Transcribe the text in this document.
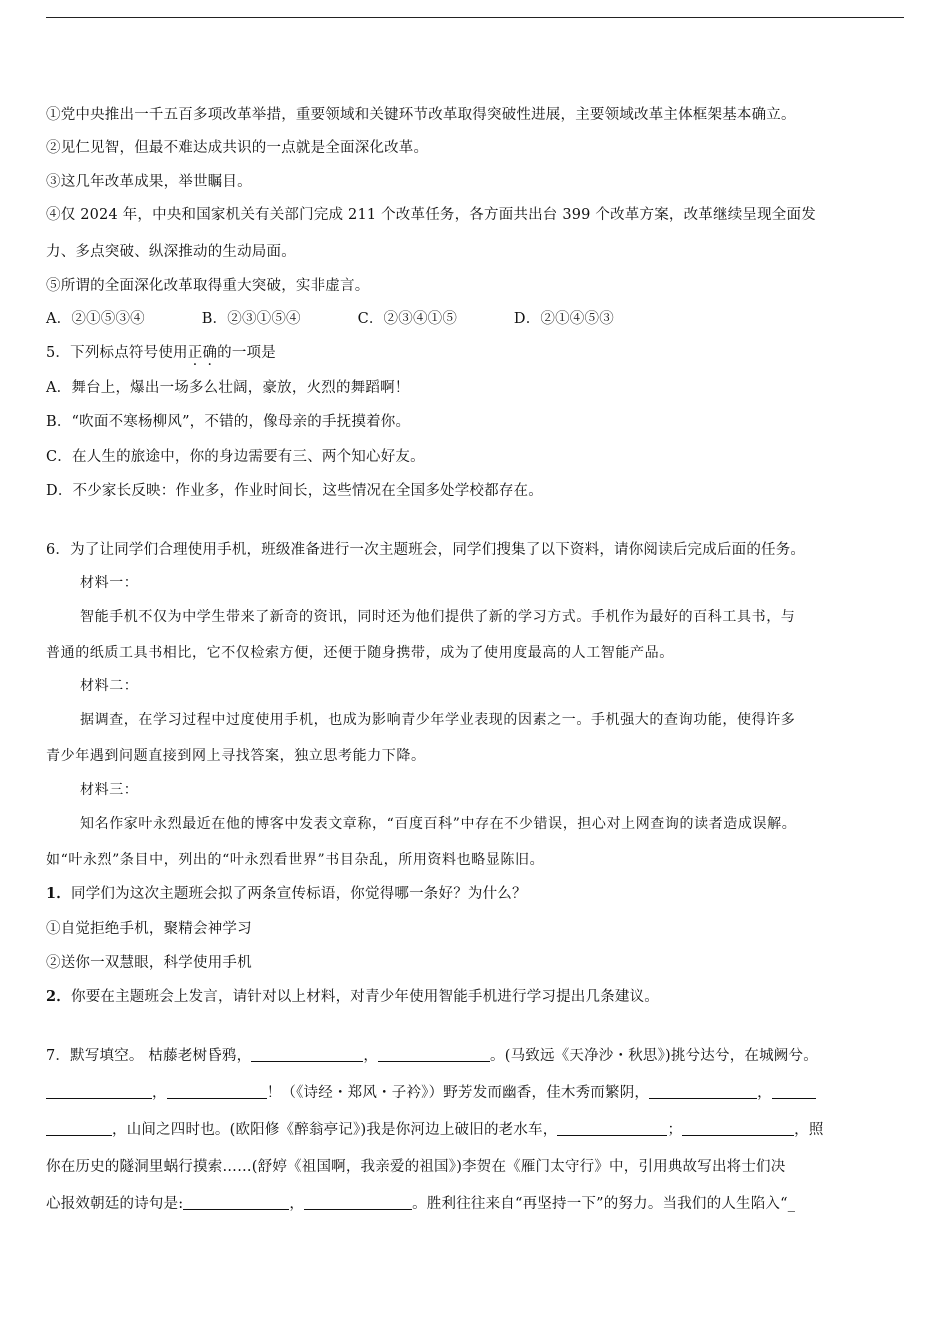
①党中央推出一千五百多项改革举措，重要领域和关键环节改革取得突破性进展，主要领域改革主体框架基本确立。
②见仁见智，但最不难达成共识的一点就是全面深化改革。
③这几年改革成果，举世瞩目。
④仅 2024 年，中央和国家机关有关部门完成 211 个改革任务，各方面共出台 399 个改革方案，改革继续呈现全面发
力、多点突破、纵深推动的生动局面。
⑤所谓的全面深化改革取得重大突破，实非虚言。
A．②①⑤③④	B．②③①⑤④	C．②③④①⑤	D．②①④⑤③
5．下列标点符号使用正确的一项是
A．舞台上，爆出一场多么壮阔，豪放，火烈的舞蹈啊！
B．“吹面不寒杨柳风”，不错的，像母亲的手抚摸着你。
C．在人生的旅途中，你的身边需要有三、两个知心好友。
D．不少家长反映：作业多，作业时间长，这些情况在全国多处学校都存在。
6．为了让同学们合理使用手机，班级准备进行一次主题班会，同学们搜集了以下资料，请你阅读后完成后面的任务。
材料一：
智能手机不仅为中学生带来了新奇的资讯，同时还为他们提供了新的学习方式。手机作为最好的百科工具书，与
普通的纸质工具书相比，它不仅检索方便，还便于随身携带，成为了使用度最高的人工智能产品。
材料二：
据调查，在学习过程中过度使用手机，也成为影响青少年学业表现的因素之一。手机强大的查询功能，使得许多
青少年遇到问题直接到网上寻找答案，独立思考能力下降。
材料三：
知名作家叶永烈最近在他的博客中发表文章称，“百度百科”中存在不少错误，担心对上网查询的读者造成误解。
如“叶永烈”条目中，列出的“叶永烈看世界”书目杂乱，所用资料也略显陈旧。
1．同学们为这次主题班会拟了两条宣传标语，你觉得哪一条好？为什么？
①自觉拒绝手机，聚精会神学习
②送你一双慧眼，科学使用手机
2．你要在主题班会上发言，请针对以上材料，对青少年使用智能手机进行学习提出几条建议。
7．默写填空。 枯藤老树昏鸦，	，	。(马致远《天净沙・秋思》)挑兮达兮，在城阙兮。
，	！（《诗经・郑风・子衿》）野芳发而幽香，佳木秀而繁阴，	，
，山间之四时也。(欧阳修《醉翁亭记》)我是你河边上破旧的老水车，	；	，照
你在历史的隧洞里蜗行摸索……(舒婷《祖国啊，我亲爱的祖国》)李贺在《雁门太守行》中，引用典故写出将士们决
心报效朝廷的诗句是:	，	。胜利往往来自“再坚持一下”的努力。当我们的人生陷入“_
